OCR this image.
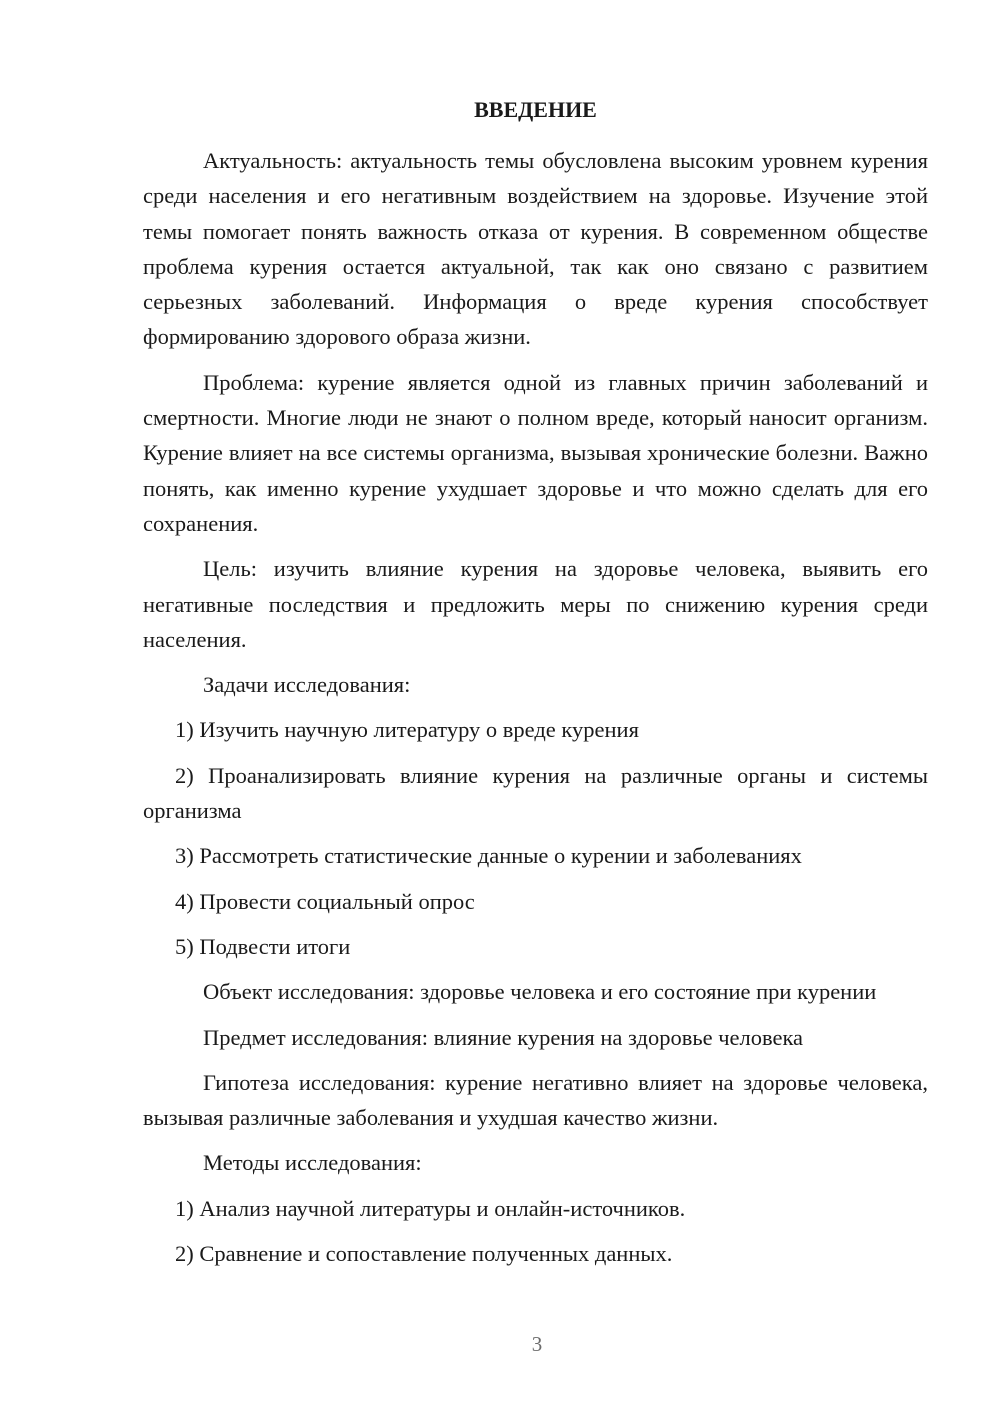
ВВЕДЕНИЕ

Актуальность: актуальность темы обусловлена высоким уровнем курения среди населения и его негативным воздействием на здоровье. Изучение этой темы помогает понять важность отказа от курения. В современном обществе проблема курения остается актуальной, так как оно связано с развитием серьезных заболеваний. Информация о вреде курения способствует формированию здорового образа жизни.

Проблема: курение является одной из главных причин заболеваний и смертности. Многие люди не знают о полном вреде, который наносит организм. Курение влияет на все системы организма, вызывая хронические болезни. Важно понять, как именно курение ухудшает здоровье и что можно сделать для его сохранения.

Цель: изучить влияние курения на здоровье человека, выявить его негативные последствия и предложить меры по снижению курения среди населения.

Задачи исследования:

1) Изучить научную литературу о вреде курения

2) Проанализировать влияние курения на различные органы и системы организма

3) Рассмотреть статистические данные о курении и заболеваниях

4) Провести социальный опрос

5) Подвести итоги

Объект исследования: здоровье человека и его состояние при курении

Предмет исследования: влияние курения на здоровье человека

Гипотеза исследования: курение негативно влияет на здоровье человека, вызывая различные заболевания и ухудшая качество жизни.

Методы исследования:

1) Анализ научной литературы и онлайн-источников.

2) Сравнение и сопоставление полученных данных.

3
